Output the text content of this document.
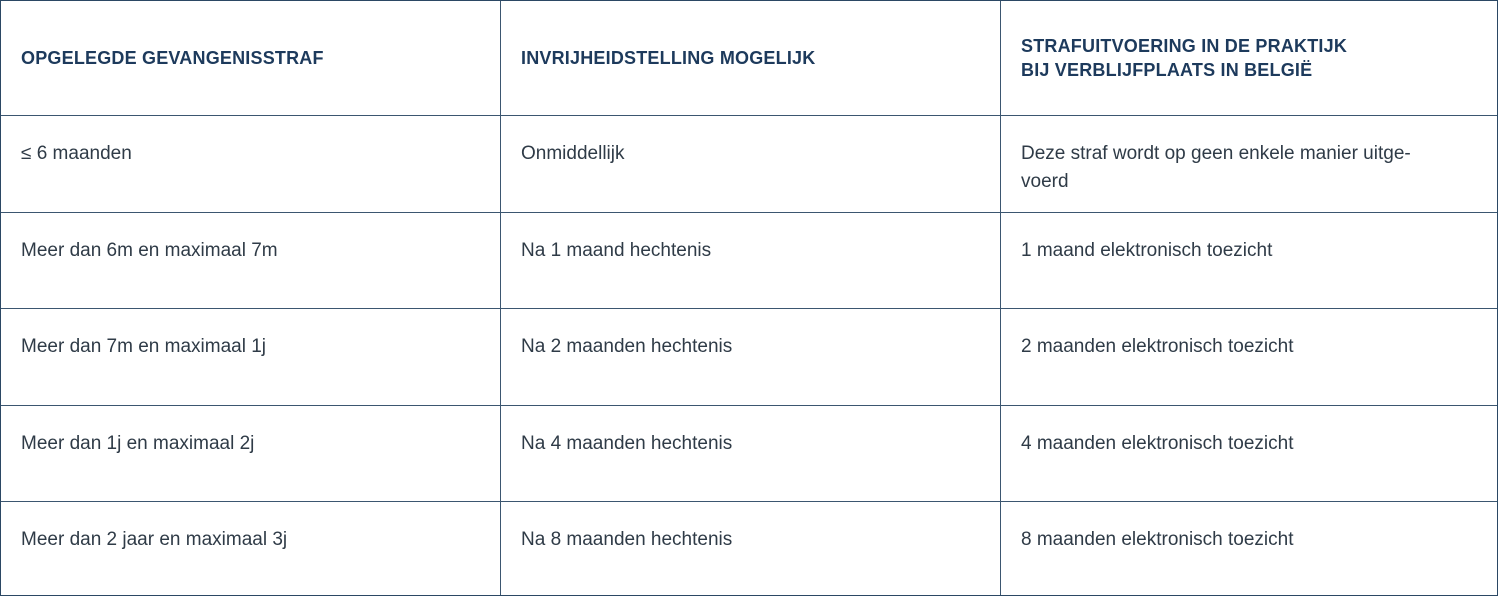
OPGELEGDE GEVANGENISSTRAF	INVRIJHEIDSTELLING MOGELIJK
STRAFUITVOERING IN DE PRAKTIJK
BIJ VERBLIJFPLAATS IN BELGIË
≤ 6 maanden	Onmiddellijk	Deze straf wordt op geen enkele manier uitge-
voerd
Meer dan 6m en maximaal 7m	Na 1 maand hechtenis	1 maand elektronisch toezicht
Meer dan 7m en maximaal 1j	Na 2 maanden hechtenis	2 maanden elektronisch toezicht
Meer dan 1j en maximaal 2j	Na 4 maanden hechtenis	4 maanden elektronisch toezicht
Meer dan 2 jaar en maximaal 3j	Na 8 maanden hechtenis	8 maanden elektronisch toezicht
